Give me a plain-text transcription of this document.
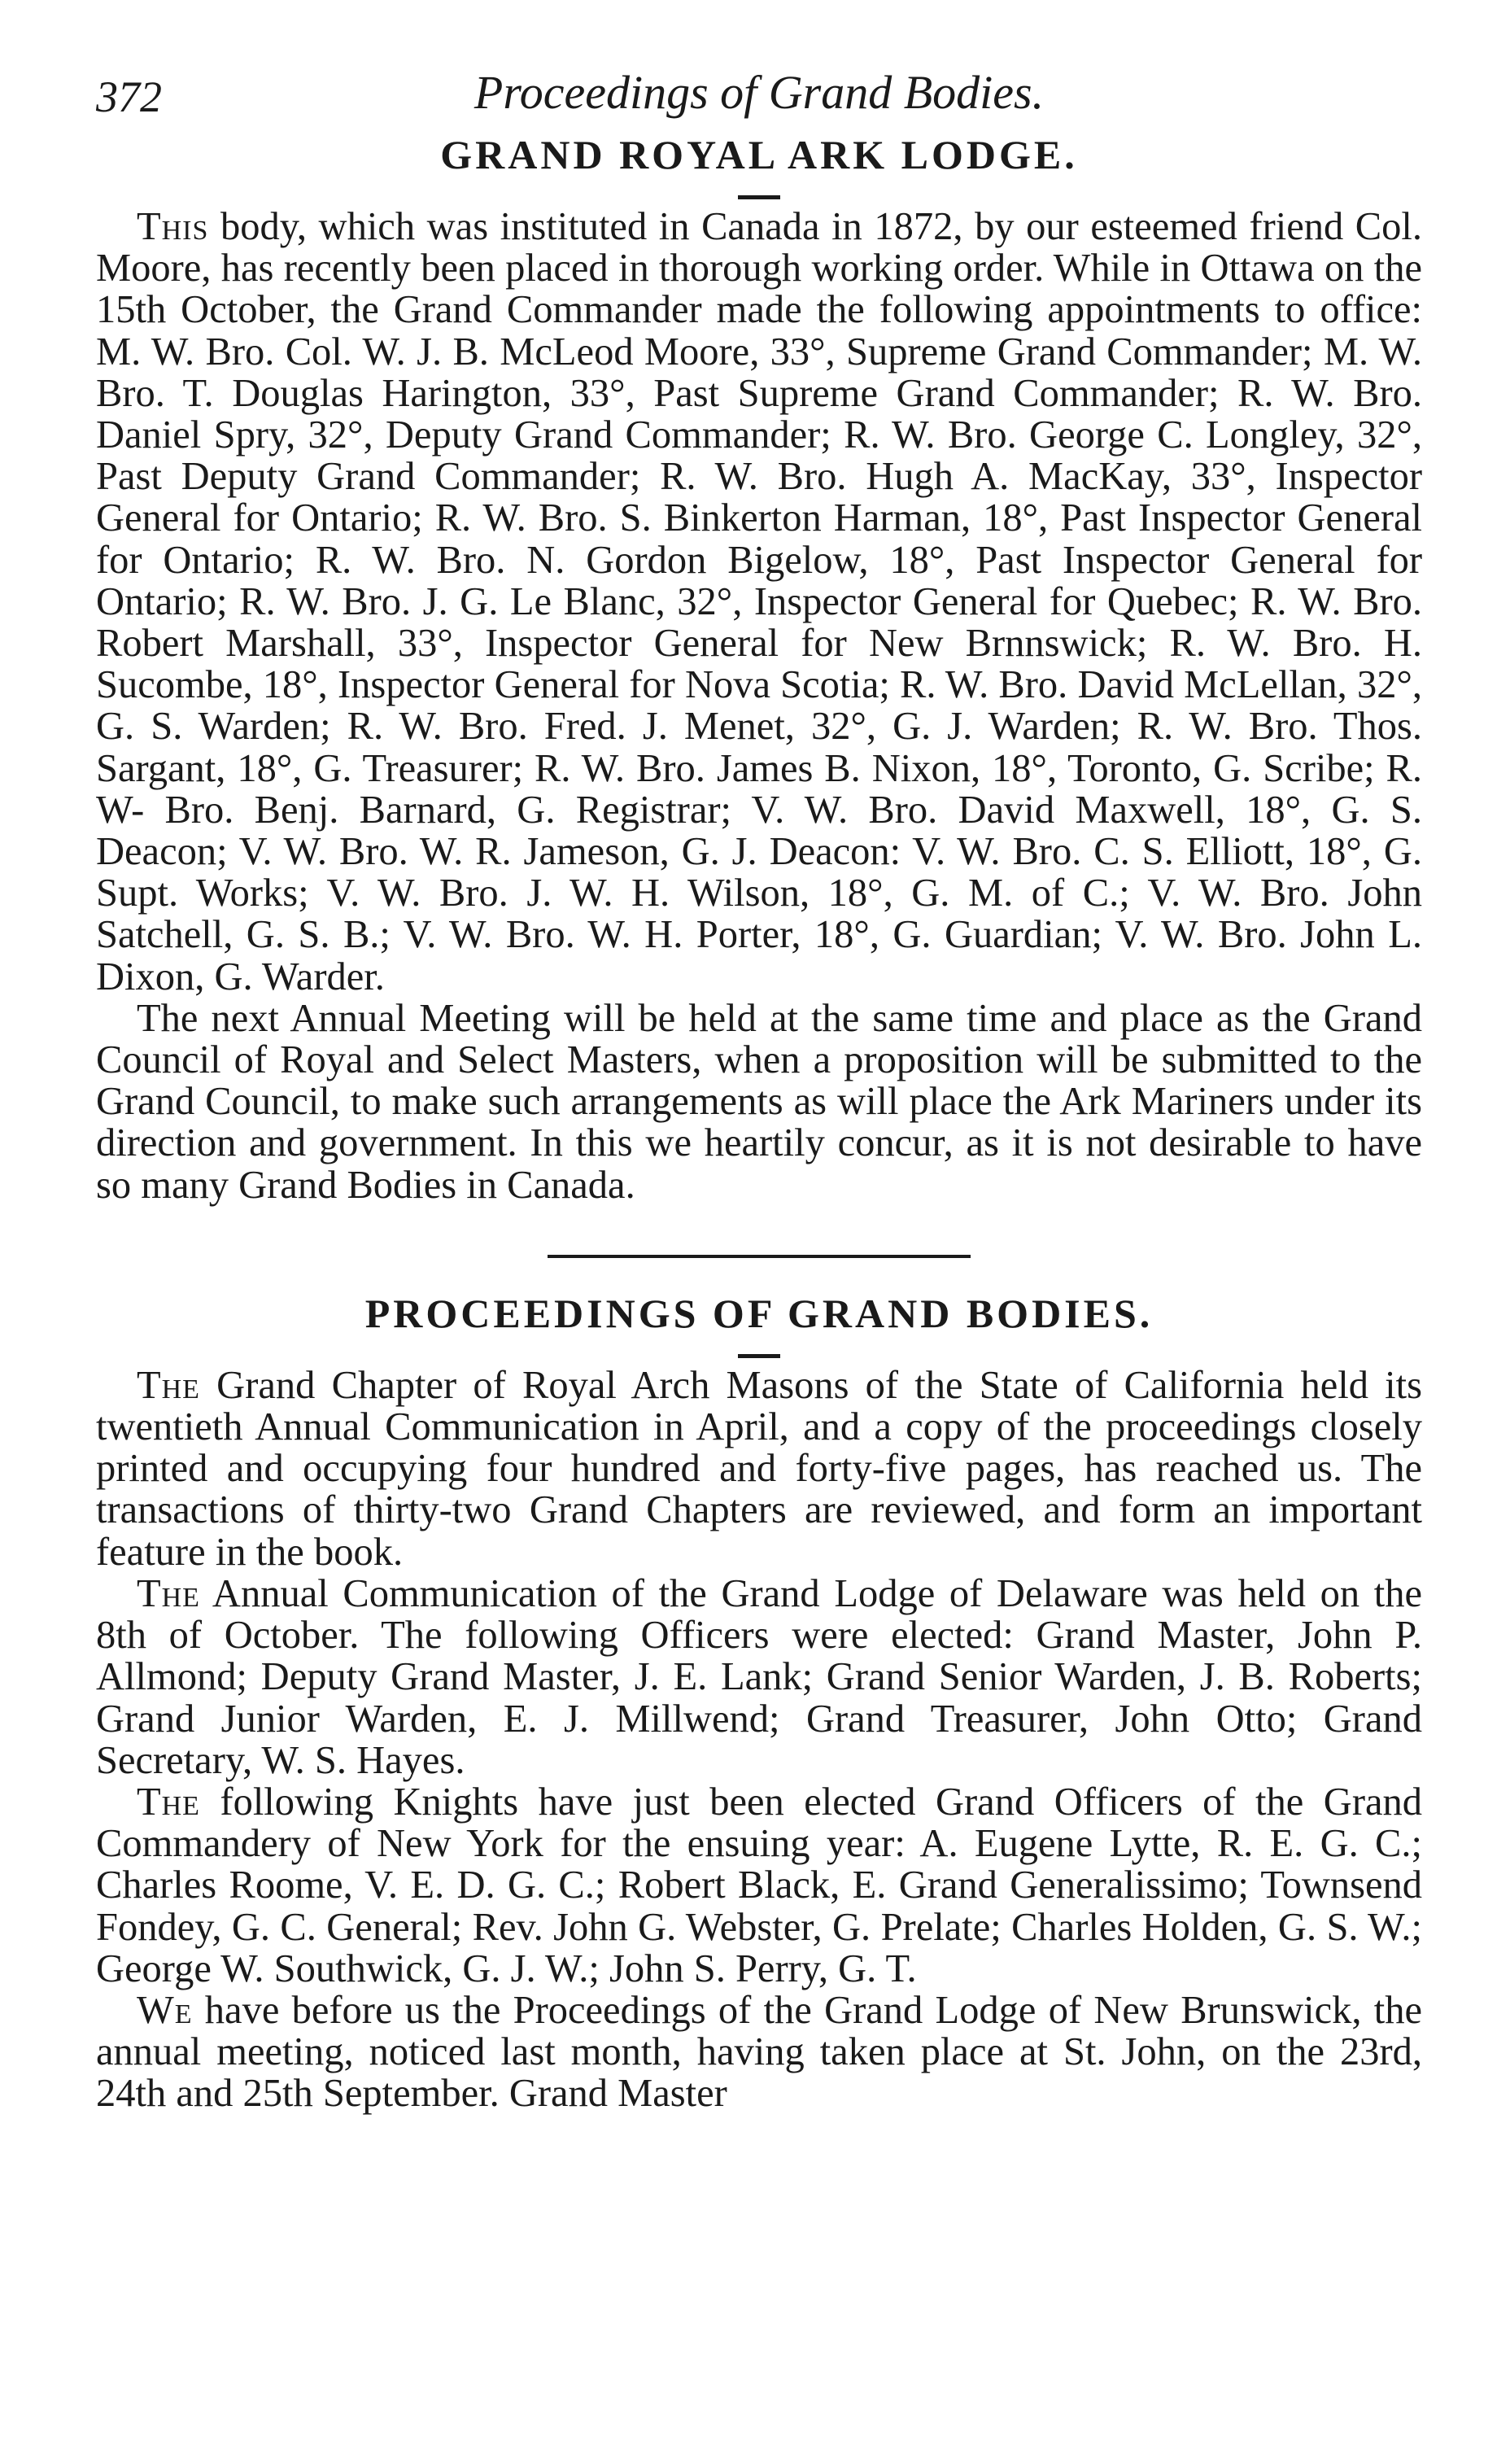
372	Proceedings of Grand Bodies.
GRAND ROYAL ARK LODGE.

This body, which was instituted in Canada in 1872, by our esteemed friend Col. Moore, has recently been placed in thorough working order. While in Ottawa on the 15th October, the Grand Commander made the following appointments to office: M. W. Bro. Col. W. J. B. McLeod Moore, 33°, Supreme Grand Commander; M. W. Bro. T. Douglas Harington, 33°, Past Supreme Grand Commander; R. W. Bro. Daniel Spry, 32°, Deputy Grand Commander; R. W. Bro. George C. Longley, 32°, Past Deputy Grand Commander; R. W. Bro. Hugh A. MacKay, 33°, Inspector General for Ontario; R. W. Bro. S. Binkerton Harman, 18°, Past Inspector General for Ontario; R. W. Bro. N. Gordon Bigelow, 18°, Past Inspector General for Ontario; R. W. Bro. J. G. Le Blanc, 32°, Inspector General for Quebec; R. W. Bro. Robert Marshall, 33°, Inspector General for New Brnnswick; R. W. Bro. H. Sucombe, 18°, Inspector General for Nova Scotia; R. W. Bro. David McLellan, 32°, G. S. Warden; R. W. Bro. Fred. J. Menet, 32°, G. J. Warden; R. W. Bro. Thos. Sargant, 18°, G. Treasurer; R. W. Bro. James B. Nixon, 18°, Toronto, G. Scribe; R. W- Bro. Benj. Barnard, G. Registrar; V. W. Bro. David Maxwell, 18°, G. S. Deacon; V. W. Bro. W. R. Jameson, G. J. Deacon: V. W. Bro. C. S. Elliott, 18°, G. Supt. Works; V. W. Bro. J. W. H. Wilson, 18°, G. M. of C.; V. W. Bro. John Satchell, G. S. B.; V. W. Bro. W. H. Porter, 18°, G. Guardian; V. W. Bro. John L. Dixon, G. Warder.

The next Annual Meeting will be held at the same time and place as the Grand Council of Royal and Select Masters, when a proposition will be submitted to the Grand Council, to make such arrangements as will place the Ark Mariners under its direction and government. In this we heartily concur, as it is not desirable to have so many Grand Bodies in Canada.

PROCEEDINGS OF GRAND BODIES.

The Grand Chapter of Royal Arch Masons of the State of California held its twentieth Annual Communication in April, and a copy of the proceedings closely printed and occupying four hundred and forty-five pages, has reached us. The transactions of thirty-two Grand Chapters are reviewed, and form an important feature in the book.

The Annual Communication of the Grand Lodge of Delaware was held on the 8th of October. The following Officers were elected: Grand Master, John P. Allmond; Deputy Grand Master, J. E. Lank; Grand Senior Warden, J. B. Roberts; Grand Junior Warden, E. J. Millwend; Grand Treasurer, John Otto; Grand Secretary, W. S. Hayes.

The following Knights have just been elected Grand Officers of the Grand Commandery of New York for the ensuing year: A. Eugene Lytte, R. E. G. C.; Charles Roome, V. E. D. G. C.; Robert Black, E. Grand Generalissimo; Townsend Fondey, G. C. General; Rev. John G. Webster, G. Prelate; Charles Holden, G. S. W.; George W. Southwick, G. J. W.; John S. Perry, G. T.

We have before us the Proceedings of the Grand Lodge of New Brunswick, the annual meeting, noticed last month, having taken place at St. John, on the 23rd, 24th and 25th September. Grand Master
